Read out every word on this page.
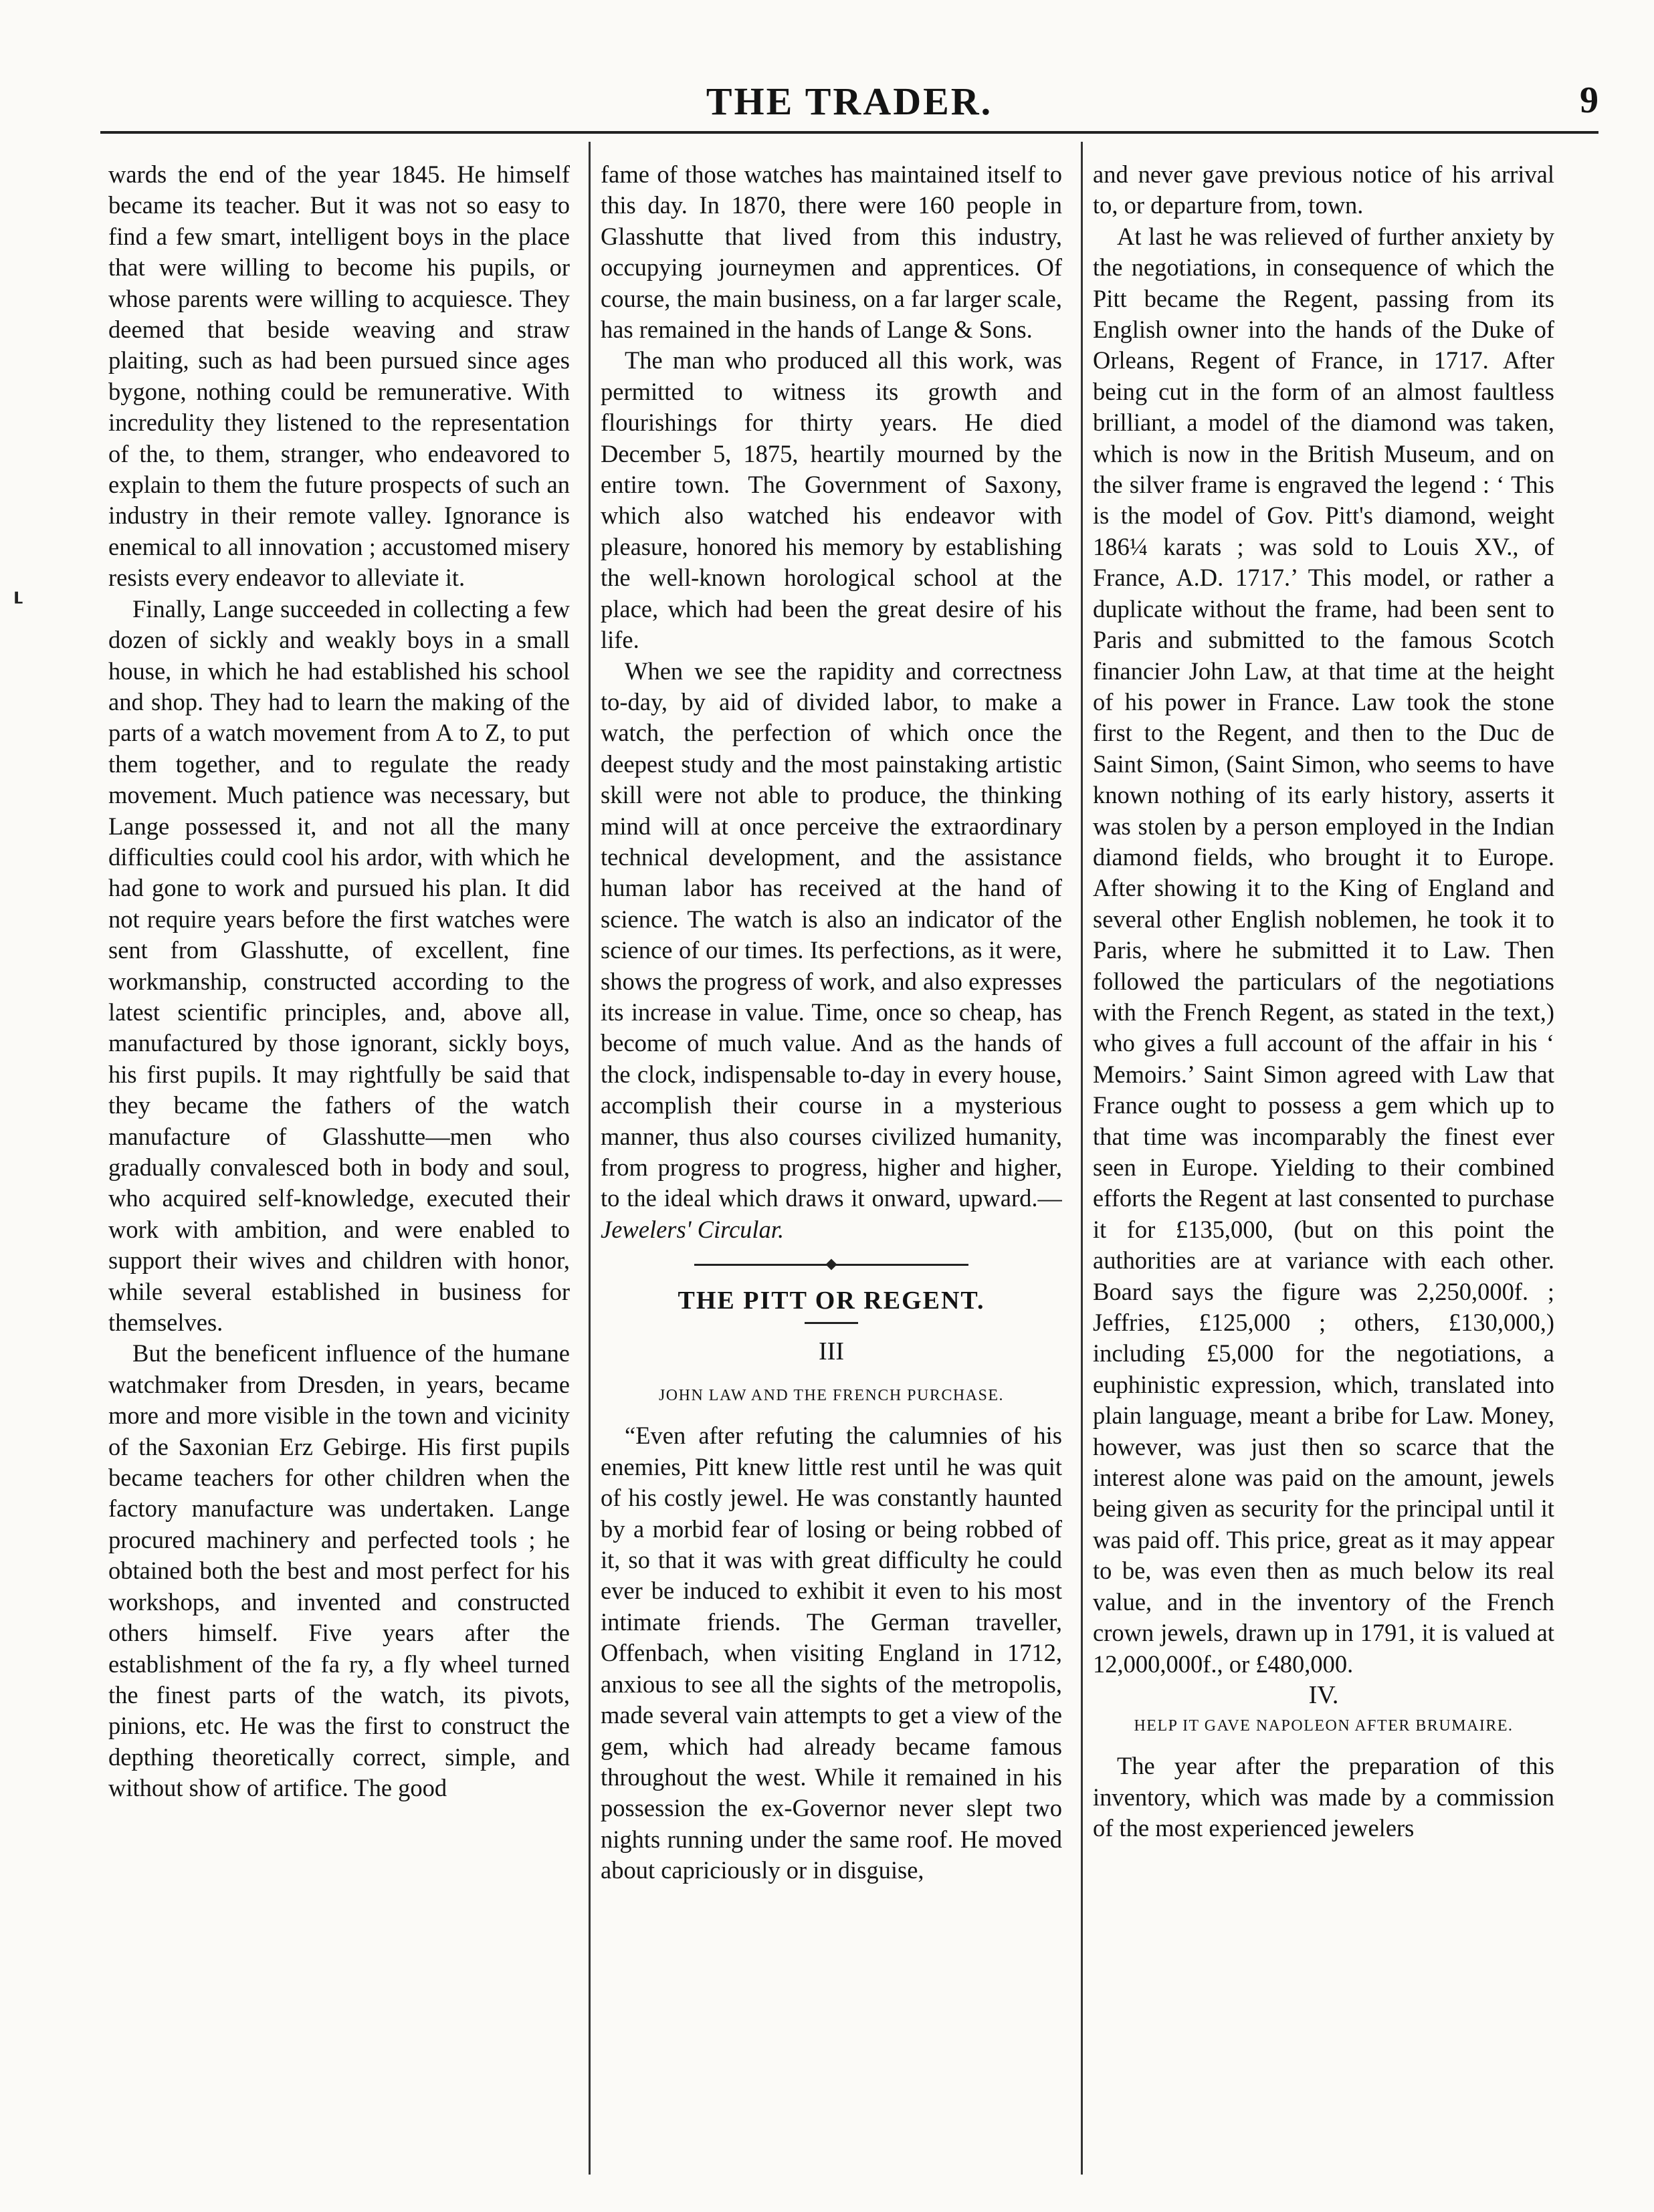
THE TRADER.	9
⸤

wards the end of the year 1845. He himself became its teacher. But it was not so easy to find a few smart, intelligent boys in the place that were willing to become his pupils, or whose parents were willing to acquiesce. They deemed that beside weaving and straw plaiting, such as had been pursued since ages bygone, nothing could be remunerative. With incredulity they listened to the representation of the, to them, stranger, who endeavored to explain to them the future prospects of such an industry in their remote valley. Ignorance is enemical to all innovation ; accustomed misery resists every endeavor to alleviate it.

Finally, Lange succeeded in collecting a few dozen of sickly and weakly boys in a small house, in which he had established his school and shop. They had to learn the making of the parts of a watch movement from A to Z, to put them together, and to regulate the ready movement. Much patience was necessary, but Lange possessed it, and not all the many difficulties could cool his ardor, with which he had gone to work and pursued his plan. It did not require years before the first watches were sent from Glasshutte, of excellent, fine workmanship, constructed according to the latest scientific principles, and, above all, manufactured by those ignorant, sickly boys, his first pupils. It may rightfully be said that they became the fathers of the watch manufacture of Glasshutte—men who gradually convalesced both in body and soul, who acquired self-knowledge, executed their work with ambition, and were enabled to support their wives and children with honor, while several established in business for themselves.

But the beneficent influence of the humane watchmaker from Dresden, in years, became more and more visible in the town and vicinity of the Saxonian Erz Gebirge. His first pupils became teachers for other children when the factory manufacture was undertaken. Lange procured machinery and perfected tools ; he obtained both the best and most perfect for his workshops, and invented and constructed others himself. Five years after the establishment of the fa ry, a fly wheel turned the finest parts of the watch, its pivots, pinions, etc. He was the first to construct the depthing theoretically correct, simple, and without show of artifice. The good

fame of those watches has maintained itself to this day. In 1870, there were 160 people in Glasshutte that lived from this industry, occupying journeymen and apprentices. Of course, the main business, on a far larger scale, has remained in the hands of Lange & Sons.

The man who produced all this work, was permitted to witness its growth and flourishings for thirty years. He died December 5, 1875, heartily mourned by the entire town. The Government of Saxony, which also watched his endeavor with pleasure, honored his memory by establishing the well-known horological school at the place, which had been the great desire of his life.

When we see the rapidity and correctness to-day, by aid of divided labor, to make a watch, the perfection of which once the deepest study and the most painstaking artistic skill were not able to produce, the thinking mind will at once perceive the extraordinary technical development, and the assistance human labor has received at the hand of science. The watch is also an indicator of the science of our times. Its perfections, as it were, shows the progress of work, and also expresses its increase in value. Time, once so cheap, has become of much value. And as the hands of the clock, indispensable to-day in every house, accomplish their course in a mysterious manner, thus also courses civilized humanity, from progress to progress, higher and higher, to the ideal which draws it onward, upward.—Jewelers' Circular.

THE PITT OR REGENT.
III
JOHN LAW AND THE FRENCH PURCHASE.

“Even after refuting the calumnies of his enemies, Pitt knew little rest until he was quit of his costly jewel. He was constantly haunted by a morbid fear of losing or being robbed of it, so that it was with great difficulty he could ever be induced to exhibit it even to his most intimate friends. The German traveller, Offenbach, when visiting England in 1712, anxious to see all the sights of the metropolis, made several vain attempts to get a view of the gem, which had already became famous throughout the west. While it remained in his possession the ex-Governor never slept two nights running under the same roof. He moved about capriciously or in disguise,

and never gave previous notice of his arrival to, or departure from, town.

At last he was relieved of further anxiety by the negotiations, in consequence of which the Pitt became the Regent, passing from its English owner into the hands of the Duke of Orleans, Regent of France, in 1717. After being cut in the form of an almost faultless brilliant, a model of the diamond was taken, which is now in the British Museum, and on the silver frame is engraved the legend : ‘ This is the model of Gov. Pitt's diamond, weight 186¼ karats ; was sold to Louis XV., of France, A.D. 1717.’ This model, or rather a duplicate without the frame, had been sent to Paris and submitted to the famous Scotch financier John Law, at that time at the height of his power in France. Law took the stone first to the Regent, and then to the Duc de Saint Simon, (Saint Simon, who seems to have known nothing of its early history, asserts it was stolen by a person employed in the Indian diamond fields, who brought it to Europe. After showing it to the King of England and several other English noblemen, he took it to Paris, where he submitted it to Law. Then followed the particulars of the negotiations with the French Regent, as stated in the text,) who gives a full account of the affair in his ‘ Memoirs.’ Saint Simon agreed with Law that France ought to possess a gem which up to that time was incomparably the finest ever seen in Europe. Yielding to their combined efforts the Regent at last consented to purchase it for £135,000, (but on this point the authorities are at variance with each other. Board says the figure was 2,250,000f. ; Jeffries, £125,000 ; others, £130,000,) including £5,000 for the negotiations, a euphinistic expression, which, translated into plain language, meant a bribe for Law. Money, however, was just then so scarce that the interest alone was paid on the amount, jewels being given as security for the principal until it was paid off. This price, great as it may appear to be, was even then as much below its real value, and in the inventory of the French crown jewels, drawn up in 1791, it is valued at 12,000,000f., or £480,000.

IV.
HELP IT GAVE NAPOLEON AFTER BRUMAIRE.

The year after the preparation of this inventory, which was made by a commission of the most experienced jewelers
